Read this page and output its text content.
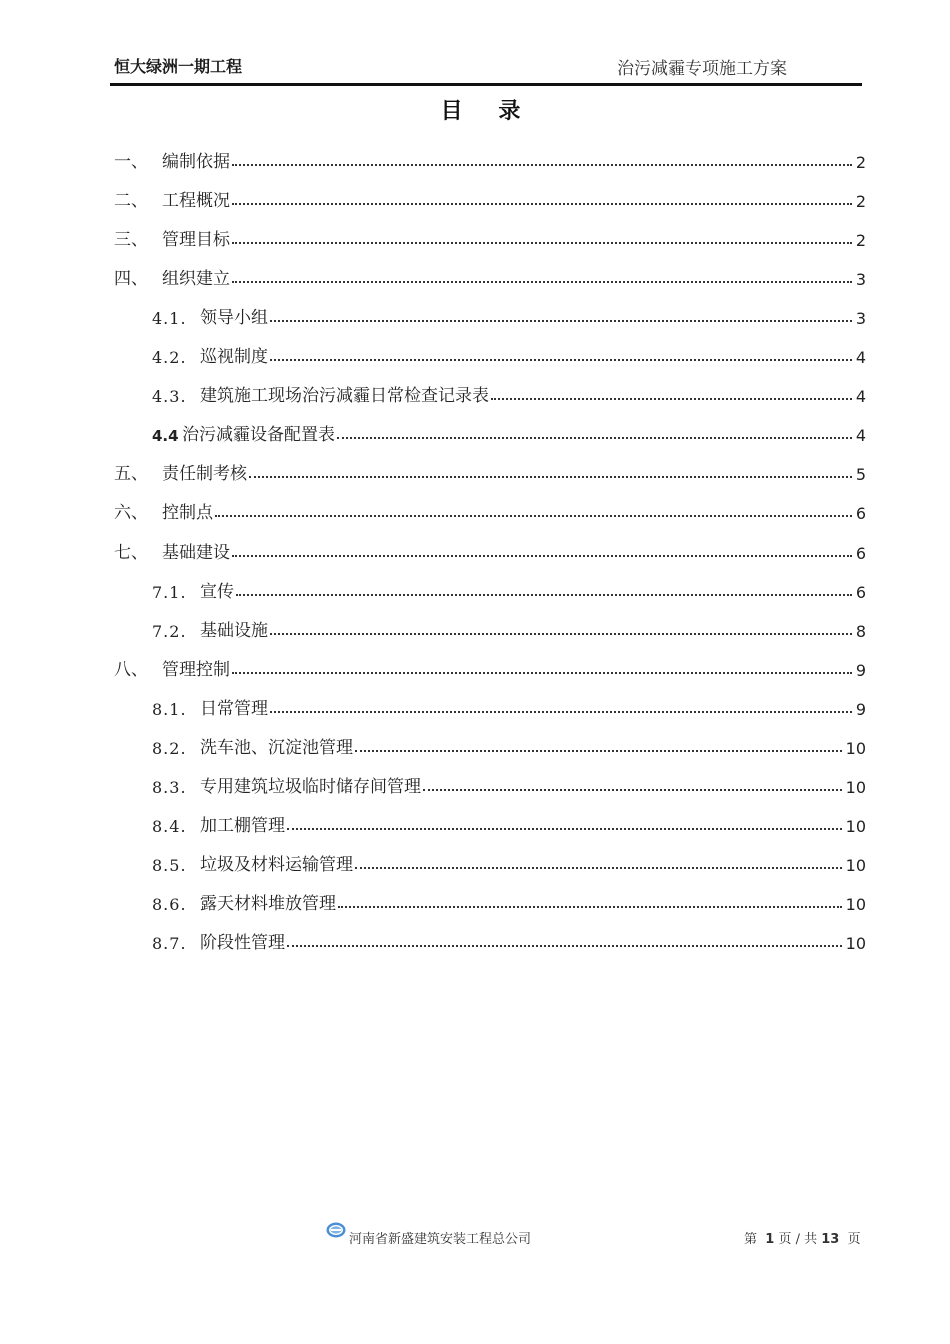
恒大绿洲一期工程	治污减霾专项施工方案
目 录
一、 编制依据	2
二、 工程概况	2
三、 管理目标	2
四、 组织建立	3
4.1. 领导小组	3
4.2. 巡视制度	4
4.3. 建筑施工现场治污减霾日常检查记录表	4
4.4 治污减霾设备配置表	4
五、 责任制考核	5
六、 控制点	6
七、 基础建设	6
7.1. 宣传	6
7.2. 基础设施	8
八、 管理控制	9
8.1. 日常管理	9
8.2. 洗车池、沉淀池管理	10
8.3. 专用建筑垃圾临时储存间管理	10
8.4. 加工棚管理	10
8.5. 垃圾及材料运输管理	10
8.6. 露天材料堆放管理	10
8.7. 阶段性管理	10
河南省新盛建筑安装工程总公司	第 1 页 / 共 13 页
